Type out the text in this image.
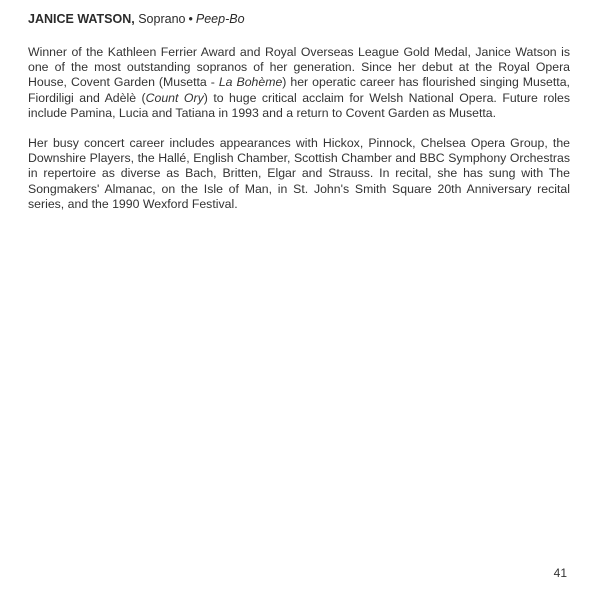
JANICE WATSON, Soprano • Peep-Bo

Winner of the Kathleen Ferrier Award and Royal Overseas League Gold Medal, Janice Watson is one of the most outstanding sopranos of her generation. Since her debut at the Royal Opera House, Covent Garden (Musetta - La Bohème) her operatic career has flourished singing Musetta, Fiordiligi and Adèlè (Count Ory) to huge critical acclaim for Welsh National Opera. Future roles include Pamina, Lucia and Tatiana in 1993 and a return to Covent Garden as Musetta.

Her busy concert career includes appearances with Hickox, Pinnock, Chelsea Opera Group, the Downshire Players, the Hallé, English Chamber, Scottish Chamber and BBC Symphony Orchestras in repertoire as diverse as Bach, Britten, Elgar and Strauss. In recital, she has sung with The Songmakers' Almanac, on the Isle of Man, in St. John's Smith Square 20th Anniversary recital series, and the 1990 Wexford Festival.

41
